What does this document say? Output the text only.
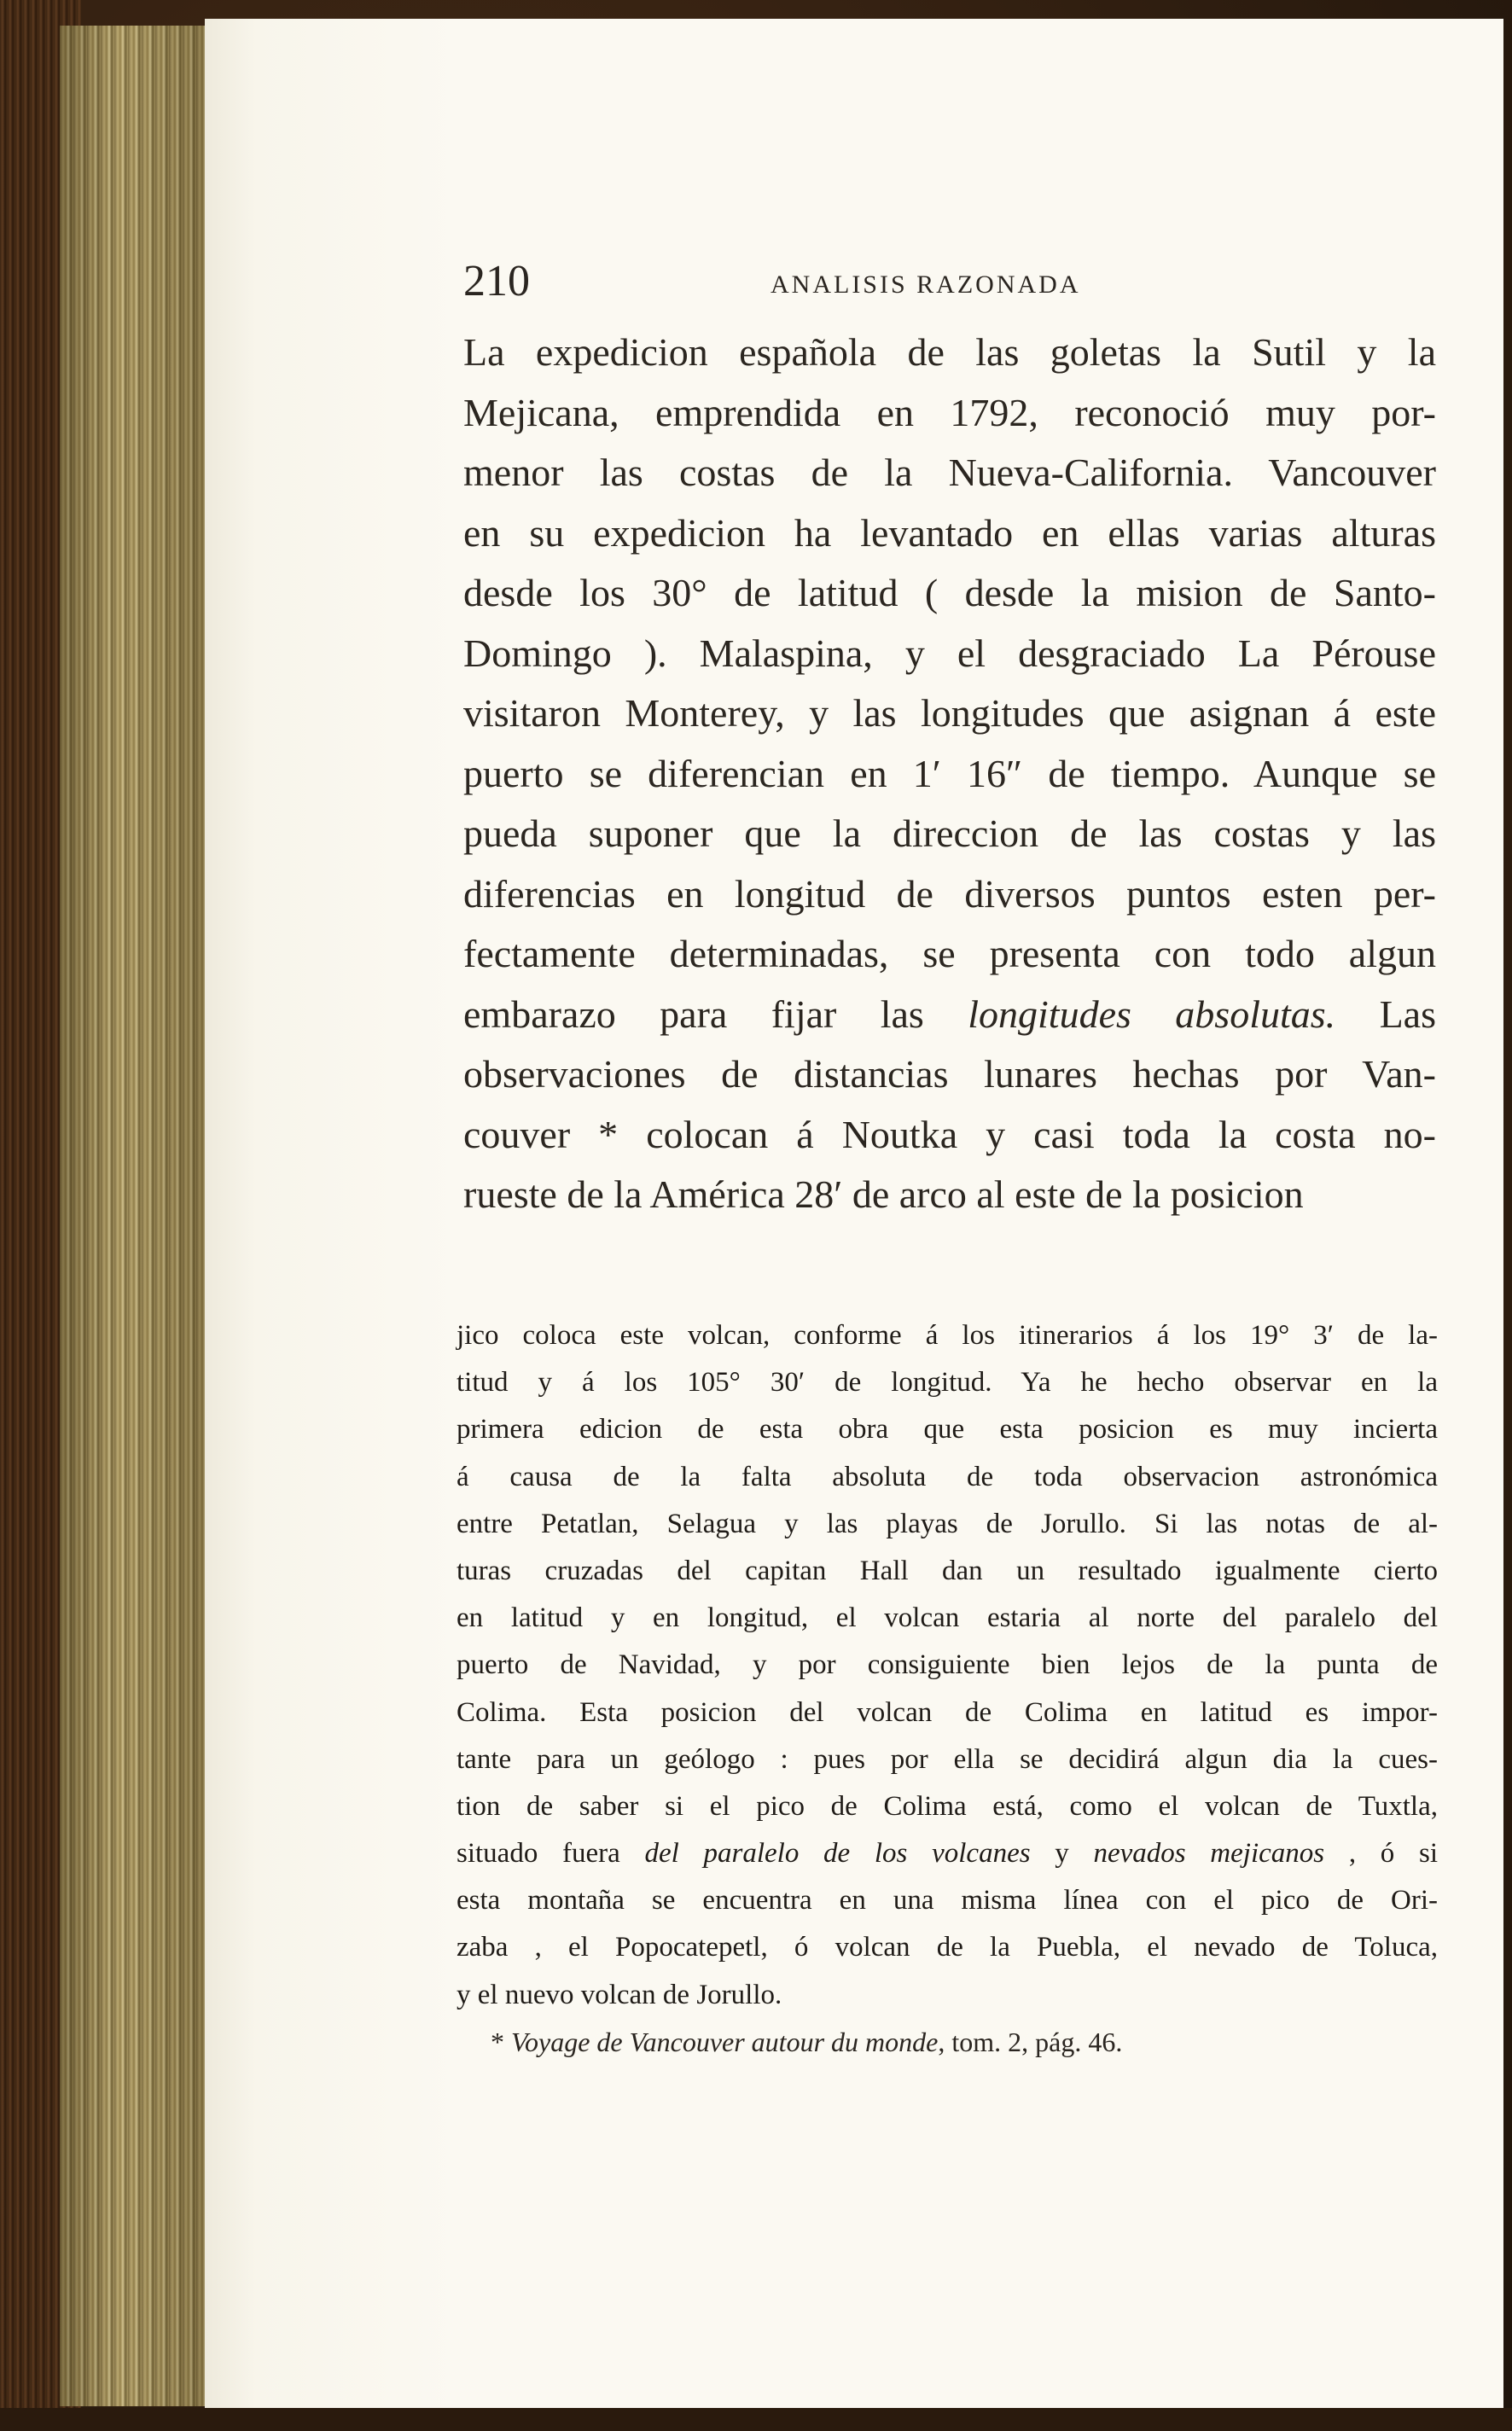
210	ANALISIS RAZONADA
La expedicion española de las goletas la Sutil y la
Mejicana, emprendida en 1792, reconoció muy por-
menor las costas de la Nueva-California. Vancouver
en su expedicion ha levantado en ellas varias alturas
desde los 30° de latitud ( desde la mision de Santo-
Domingo ). Malaspina, y el desgraciado La Pérouse
visitaron Monterey, y las longitudes que asignan á este
puerto se diferencian en 1′ 16″ de tiempo. Aunque se
pueda suponer que la direccion de las costas y las
diferencias en longitud de diversos puntos esten per-
fectamente determinadas, se presenta con todo algun
embarazo para fijar las longitudes absolutas. Las
observaciones de distancias lunares hechas por Van-
couver * colocan á Noutka y casi toda la costa no-
rueste de la América 28′ de arco al este de la posicion
jico coloca este volcan, conforme á los itinerarios á los 19° 3′ de la-
titud y á los 105° 30′ de longitud. Ya he hecho observar en la
primera edicion de esta obra que esta posicion es muy incierta
á causa de la falta absoluta de toda observacion astronómica
entre Petatlan, Selagua y las playas de Jorullo. Si las notas de al-
turas cruzadas del capitan Hall dan un resultado igualmente cierto
en latitud y en longitud, el volcan estaria al norte del paralelo del
puerto de Navidad, y por consiguiente bien lejos de la punta de
Colima. Esta posicion del volcan de Colima en latitud es impor-
tante para un geólogo : pues por ella se decidirá algun dia la cues-
tion de saber si el pico de Colima está, como el volcan de Tuxtla,
situado fuera del paralelo de los volcanes y nevados mejicanos , ó si
esta montaña se encuentra en una misma línea con el pico de Ori-
zaba , el Popocatepetl, ó volcan de la Puebla, el nevado de Toluca,
y el nuevo volcan de Jorullo.
* Voyage de Vancouver autour du monde, tom. 2, pág. 46.
